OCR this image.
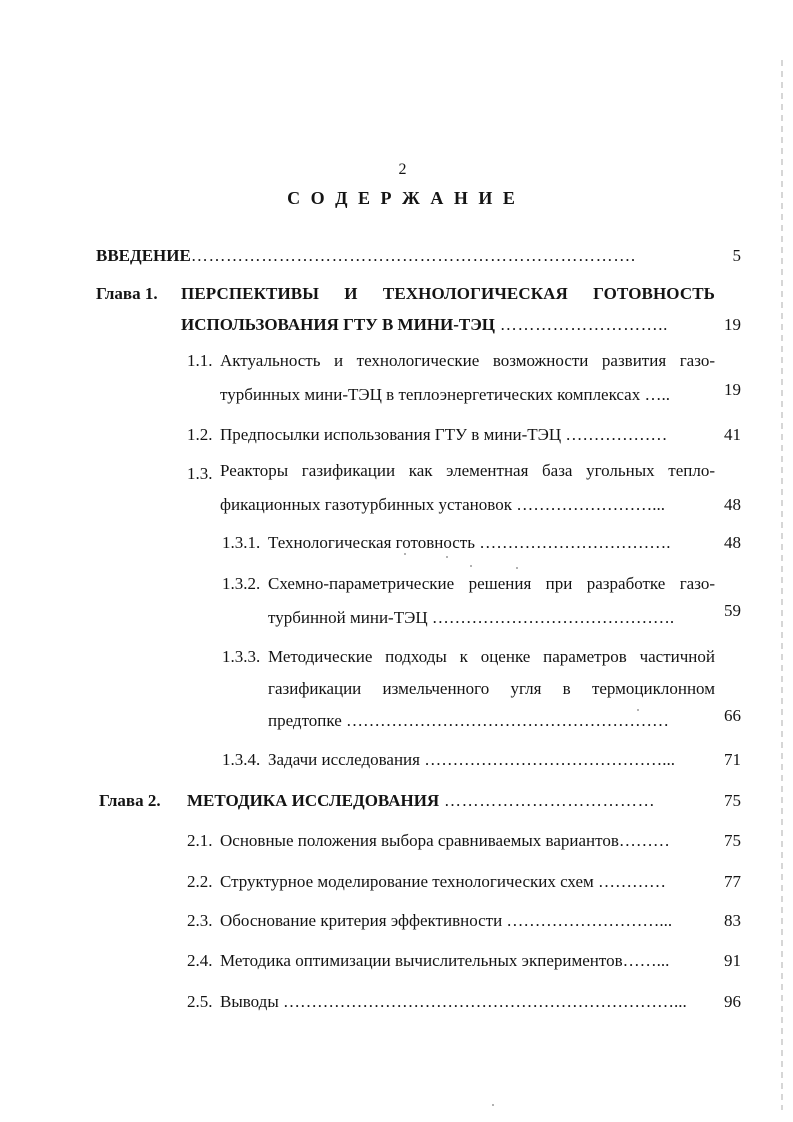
2
С О Д Е Р Ж А Н И Е
ВВЕДЕНИЕ………………………………………………………………….	5
Глава 1. ПЕРСПЕКТИВЫ И ТЕХНОЛОГИЧЕСКАЯ ГОТОВНОСТЬ
ИСПОЛЬЗОВАНИЯ ГТУ В МИНИ-ТЭЦ ………………………..	19
1.1. Актуальность и технологические возможности развития газо-
турбинных мини-ТЭЦ в теплоэнергетических комплексах …..	19
1.2. Предпосылки использования ГТУ в мини-ТЭЦ ………………	41
1.3. Реакторы газификации как элементная база угольных тепло-
фикационных газотурбинных установок ……………………...	48
1.3.1. Технологическая готовность …………………………….	48
1.3.2. Схемно-параметрические решения при разработке газо-
турбинной мини-ТЭЦ …………………………………….	59
1.3.3. Методические подходы к оценке параметров частичной
газификации измельченного угля в термоциклонном
предтопке …………………………………………………	66
1.3.4. Задачи исследования ……………………………………...	71
Глава 2. МЕТОДИКА ИССЛЕДОВАНИЯ ………………………………	75
2.1. Основные положения выбора сравниваемых вариантов………	75
2.2. Структурное моделирование технологических схем …………	77
2.3. Обоснование критерия эффективности ………………………...	83
2.4. Методика оптимизации вычислительных экпериментов……...	91
2.5. Выводы ……………………………………………………………... 96
